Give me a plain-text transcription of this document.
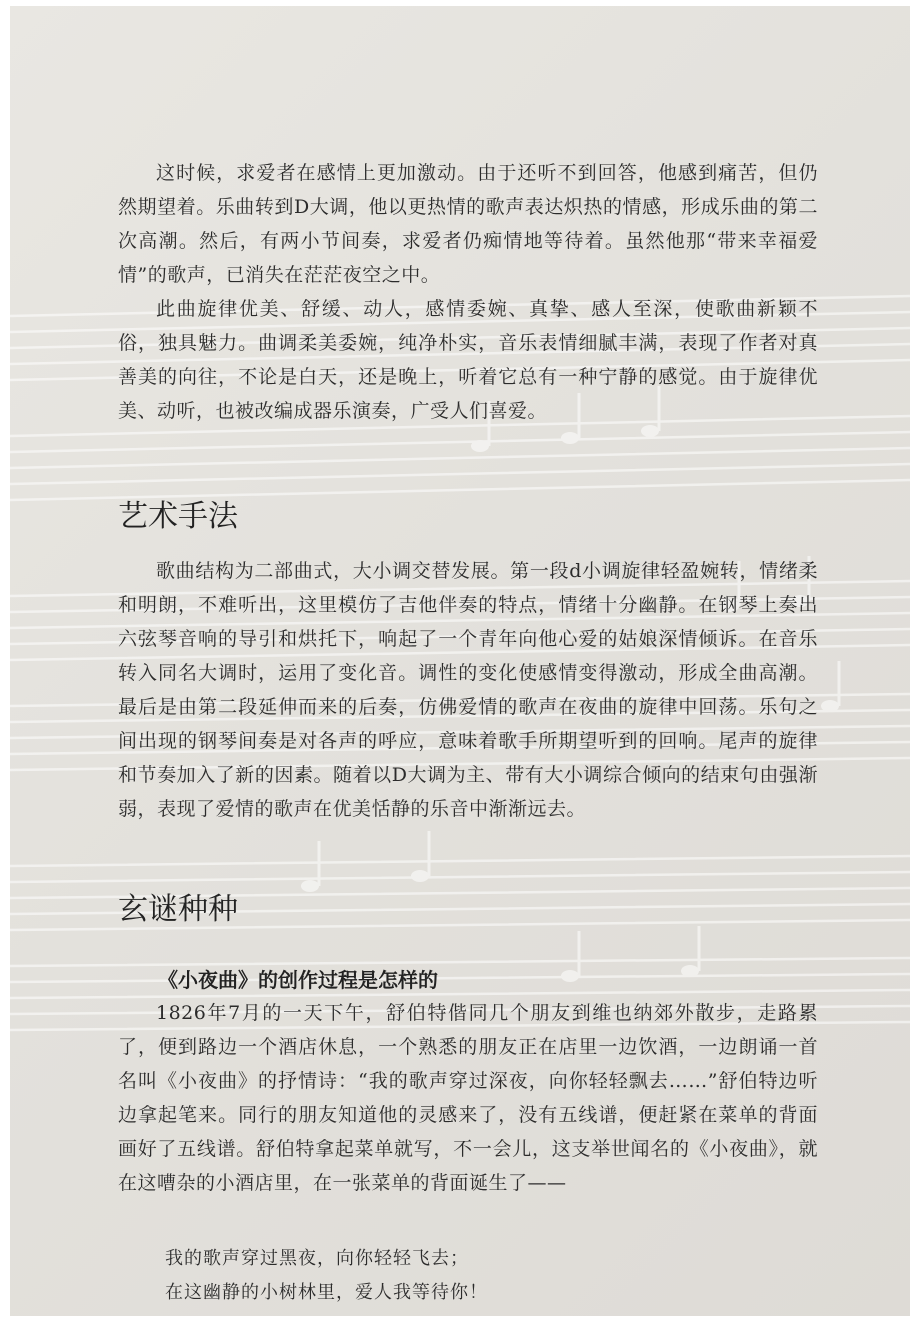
这时候，求爱者在感情上更加激动。由于还听不到回答，他感到痛苦，但仍然期望着。乐曲转到D大调，他以更热情的歌声表达炽热的情感，形成乐曲的第二次高潮。然后，有两小节间奏，求爱者仍痴情地等待着。虽然他那“带来幸福爱情”的歌声，已消失在茫茫夜空之中。

此曲旋律优美、舒缓、动人，感情委婉、真挚、感人至深，使歌曲新颖不俗，独具魅力。曲调柔美委婉，纯净朴实，音乐表情细腻丰满，表现了作者对真善美的向往，不论是白天，还是晚上，听着它总有一种宁静的感觉。由于旋律优美、动听，也被改编成器乐演奏，广受人们喜爱。

艺术手法

歌曲结构为二部曲式，大小调交替发展。第一段d小调旋律轻盈婉转，情绪柔和明朗，不难听出，这里模仿了吉他伴奏的特点，情绪十分幽静。在钢琴上奏出六弦琴音响的导引和烘托下，响起了一个青年向他心爱的姑娘深情倾诉。在音乐转入同名大调时，运用了变化音。调性的变化使感情变得激动，形成全曲高潮。最后是由第二段延伸而来的后奏，仿佛爱情的歌声在夜曲的旋律中回荡。乐句之间出现的钢琴间奏是对各声的呼应，意味着歌手所期望听到的回响。尾声的旋律和节奏加入了新的因素。随着以D大调为主、带有大小调综合倾向的结束句由强渐弱，表现了爱情的歌声在优美恬静的乐音中渐渐远去。

玄谜种种
《小夜曲》的创作过程是怎样的

1826年7月的一天下午，舒伯特偕同几个朋友到维也纳郊外散步，走路累了，便到路边一个酒店休息，一个熟悉的朋友正在店里一边饮酒，一边朗诵一首名叫《小夜曲》的抒情诗：“我的歌声穿过深夜，向你轻轻飘去……”舒伯特边听边拿起笔来。同行的朋友知道他的灵感来了，没有五线谱，便赶紧在菜单的背面画好了五线谱。舒伯特拿起菜单就写，不一会儿，这支举世闻名的《小夜曲》，就在这嘈杂的小酒店里，在一张菜单的背面诞生了——

我的歌声穿过黑夜，向你轻轻飞去；

在这幽静的小树林里，爱人我等待你！
